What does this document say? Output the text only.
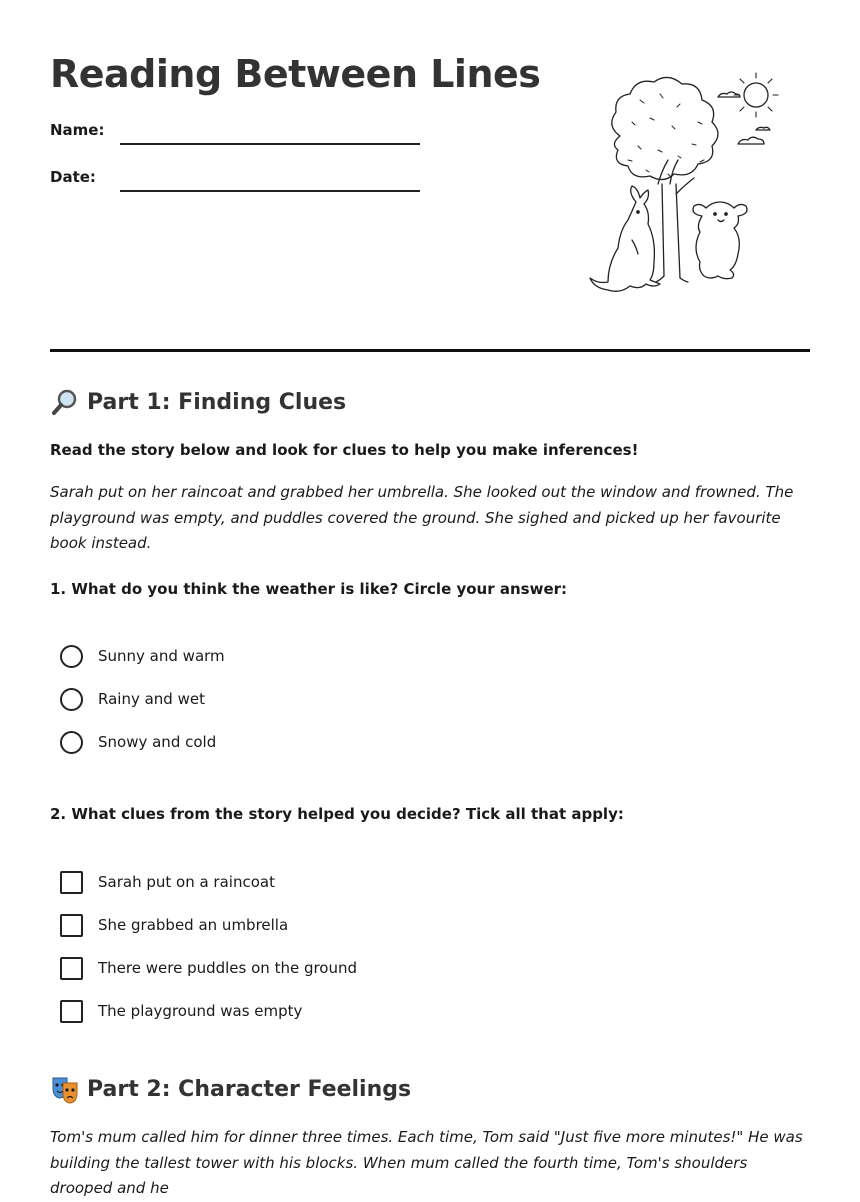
Reading Between Lines
Name:
Date:
Part 1: Finding Clues

Read the story below and look for clues to help you make inferences!

Sarah put on her raincoat and grabbed her umbrella. She looked out the window and frowned. The playground was empty, and puddles covered the ground. She sighed and picked up her favourite book instead.

1. What do you think the weather is like? Circle your answer:

Sunny and warm
Rainy and wet
Snowy and cold

2. What clues from the story helped you decide? Tick all that apply:

Sarah put on a raincoat
She grabbed an umbrella
There were puddles on the ground
The playground was empty
Part 2: Character Feelings

Tom's mum called him for dinner three times. Each time, Tom said "Just five more minutes!" He was building the tallest tower with his blocks. When mum called the fourth time, Tom's shoulders drooped and he
